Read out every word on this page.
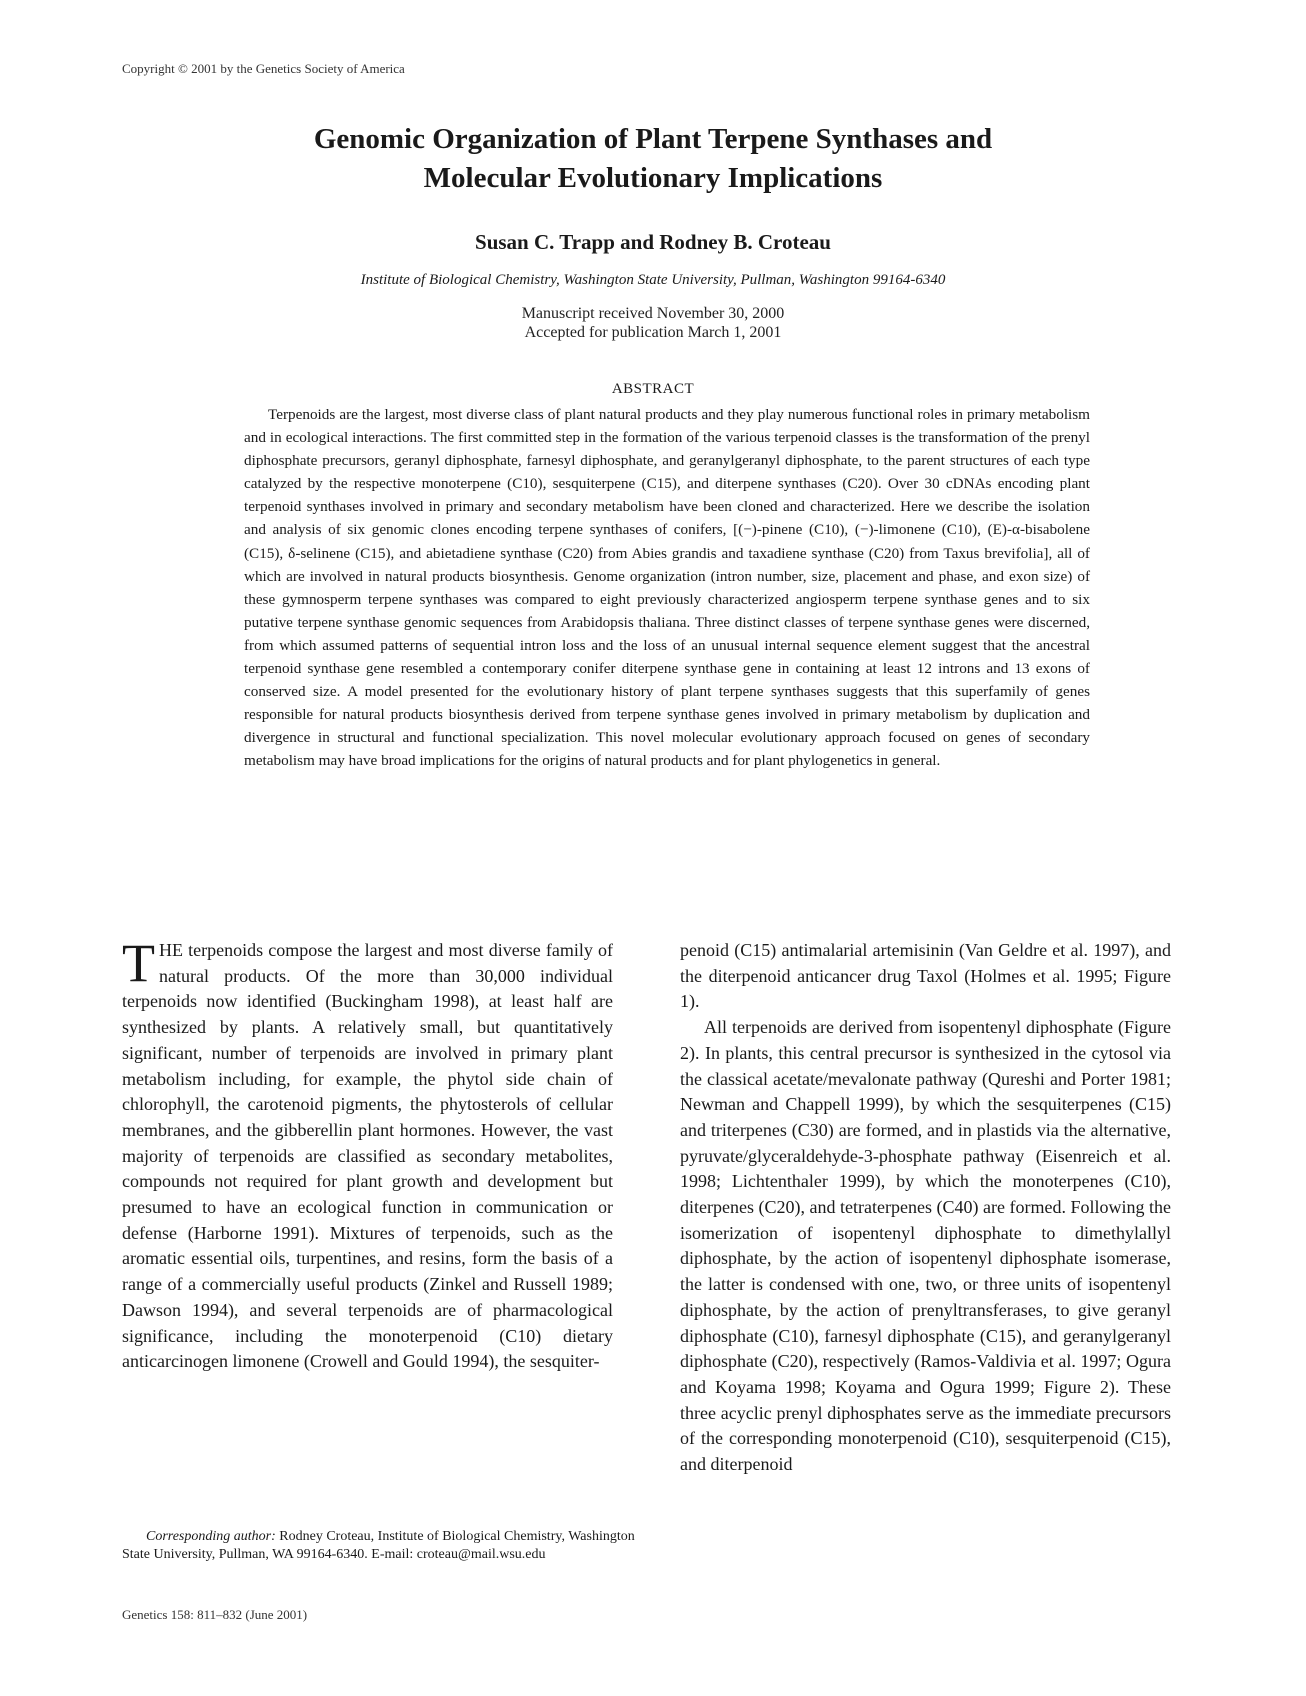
Copyright © 2001 by the Genetics Society of America
Genomic Organization of Plant Terpene Synthases and
Molecular Evolutionary Implications
Susan C. Trapp and Rodney B. Croteau
Institute of Biological Chemistry, Washington State University, Pullman, Washington 99164-6340
Manuscript received November 30, 2000
Accepted for publication March 1, 2001
ABSTRACT

Terpenoids are the largest, most diverse class of plant natural products and they play numerous functional roles in primary metabolism and in ecological interactions. The first committed step in the formation of the various terpenoid classes is the transformation of the prenyl diphosphate precursors, geranyl diphosphate, farnesyl diphosphate, and geranylgeranyl diphosphate, to the parent structures of each type catalyzed by the respective monoterpene (C10), sesquiterpene (C15), and diterpene synthases (C20). Over 30 cDNAs encoding plant terpenoid synthases involved in primary and secondary metabolism have been cloned and characterized. Here we describe the isolation and analysis of six genomic clones encoding terpene synthases of conifers, [(−)-pinene (C10), (−)-limonene (C10), (E)-α-bisabolene (C15), δ-selinene (C15), and abietadiene synthase (C20) from Abies grandis and taxadiene synthase (C20) from Taxus brevifolia], all of which are involved in natural products biosynthesis. Genome organization (intron number, size, placement and phase, and exon size) of these gymnosperm terpene synthases was compared to eight previously characterized angiosperm terpene synthase genes and to six putative terpene synthase genomic sequences from Arabidopsis thaliana. Three distinct classes of terpene synthase genes were discerned, from which assumed patterns of sequential intron loss and the loss of an unusual internal sequence element suggest that the ancestral terpenoid synthase gene resembled a contemporary conifer diterpene synthase gene in containing at least 12 introns and 13 exons of conserved size. A model presented for the evolutionary history of plant terpene synthases suggests that this superfamily of genes responsible for natural products biosynthesis derived from terpene synthase genes involved in primary metabolism by duplication and divergence in structural and functional specialization. This novel molecular evolutionary approach focused on genes of secondary metabolism may have broad implications for the origins of natural products and for plant phylogenetics in general.

THE terpenoids compose the largest and most diverse family of natural products. Of the more than 30,000 individual terpenoids now identified (Buckingham 1998), at least half are synthesized by plants. A relatively small, but quantitatively significant, number of terpenoids are involved in primary plant metabolism including, for example, the phytol side chain of chlorophyll, the carotenoid pigments, the phytosterols of cellular membranes, and the gibberellin plant hormones. However, the vast majority of terpenoids are classified as secondary metabolites, compounds not required for plant growth and development but presumed to have an ecological function in communication or defense (Harborne 1991). Mixtures of terpenoids, such as the aromatic essential oils, turpentines, and resins, form the basis of a range of a commercially useful products (Zinkel and Russell 1989; Dawson 1994), and several terpenoids are of pharmacological significance, including the monoterpenoid (C10) dietary anticarcinogen limonene (Crowell and Gould 1994), the sesquiter-

penoid (C15) antimalarial artemisinin (Van Geldre et al. 1997), and the diterpenoid anticancer drug Taxol (Holmes et al. 1995; Figure 1).

All terpenoids are derived from isopentenyl diphosphate (Figure 2). In plants, this central precursor is synthesized in the cytosol via the classical acetate/mevalonate pathway (Qureshi and Porter 1981; Newman and Chappell 1999), by which the sesquiterpenes (C15) and triterpenes (C30) are formed, and in plastids via the alternative, pyruvate/glyceraldehyde-3-phosphate pathway (Eisenreich et al. 1998; Lichtenthaler 1999), by which the monoterpenes (C10), diterpenes (C20), and tetraterpenes (C40) are formed. Following the isomerization of isopentenyl diphosphate to dimethylallyl diphosphate, by the action of isopentenyl diphosphate isomerase, the latter is condensed with one, two, or three units of isopentenyl diphosphate, by the action of prenyltransferases, to give geranyl diphosphate (C10), farnesyl diphosphate (C15), and geranylgeranyl diphosphate (C20), respectively (Ramos-Valdivia et al. 1997; Ogura and Koyama 1998; Koyama and Ogura 1999; Figure 2). These three acyclic prenyl diphosphates serve as the immediate precursors of the corresponding monoterpenoid (C10), sesquiterpenoid (C15), and diterpenoid

Corresponding author: Rodney Croteau, Institute of Biological Chemistry, Washington State University, Pullman, WA 99164-6340. E-mail: croteau@mail.wsu.edu
Genetics 158: 811–832 (June 2001)
